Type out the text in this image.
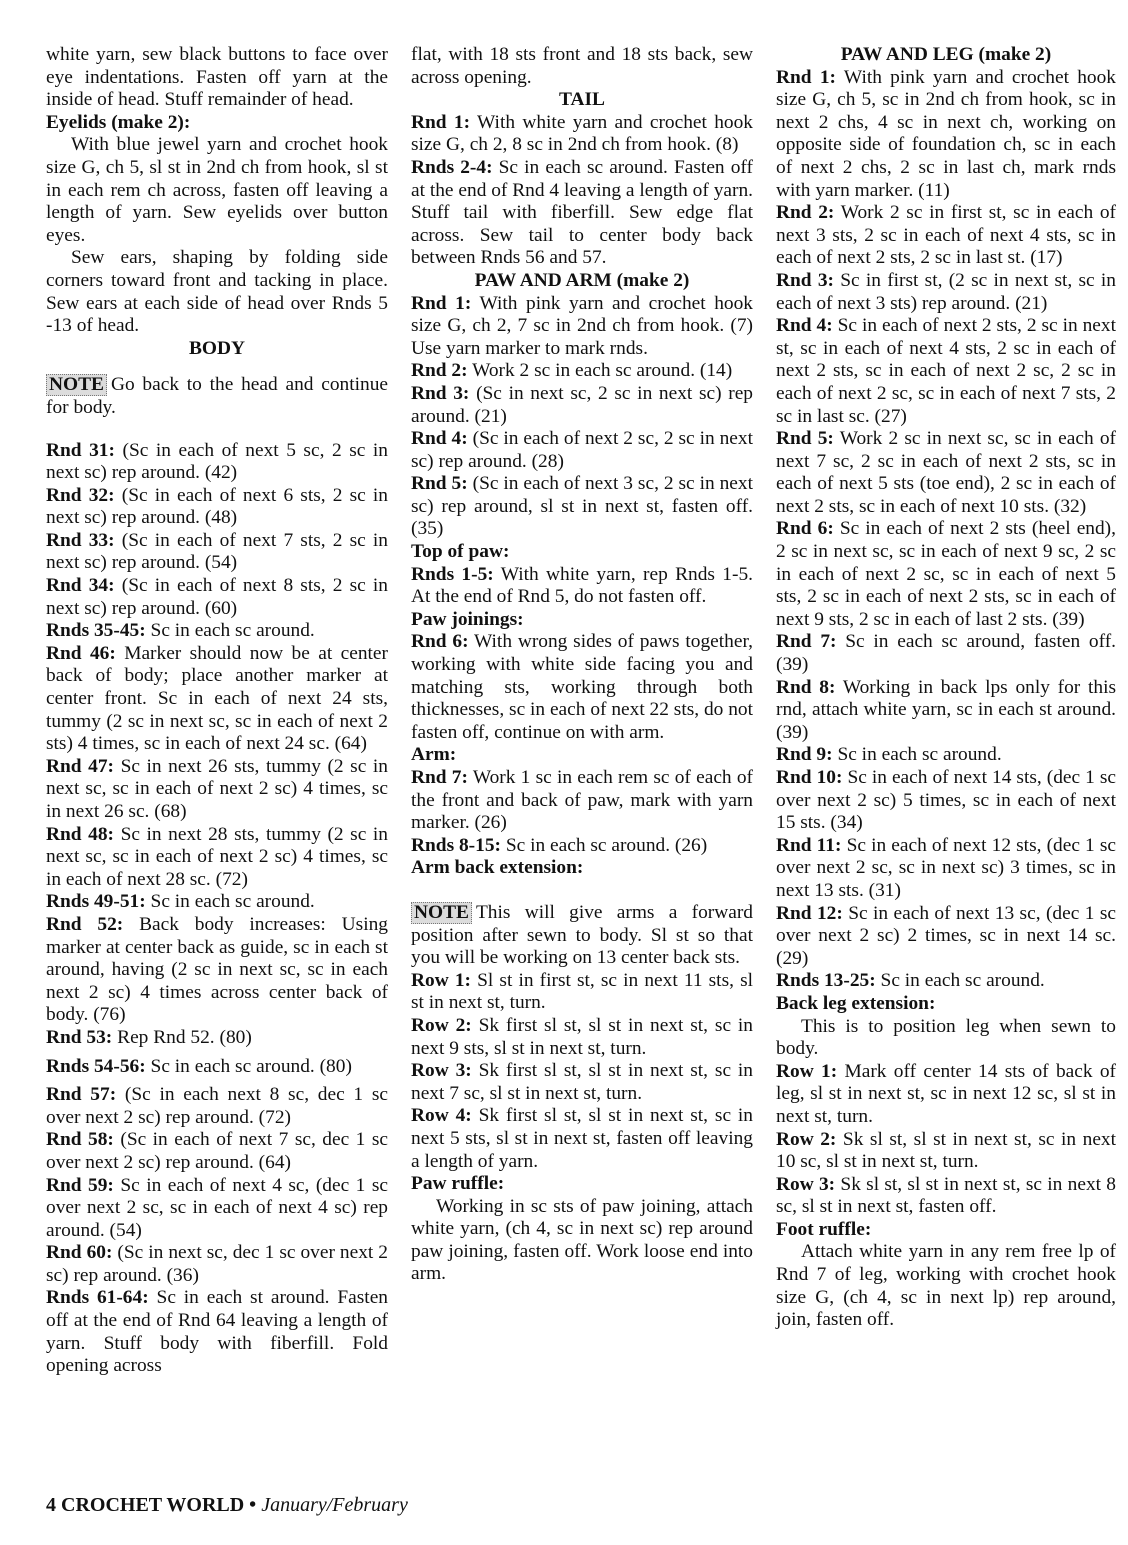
white yarn, sew black buttons to face over eye indentations. Fasten off yarn at the inside of head. Stuff remainder of head.

Eyelids (make 2):

With blue jewel yarn and crochet hook size G, ch 5, sl st in 2nd ch from hook, sl st in each rem ch across, fasten off leaving a length of yarn. Sew eyelids over button eyes.

Sew ears, shaping by folding side corners toward front and tacking in place. Sew ears at each side of head over Rnds 5 -13 of head.

BODY

NOTE Go back to the head and continue for body.

Rnd 31: (Sc in each of next 5 sc, 2 sc in next sc) rep around. (42)

Rnd 32: (Sc in each of next 6 sts, 2 sc in next sc) rep around. (48)

Rnd 33: (Sc in each of next 7 sts, 2 sc in next sc) rep around. (54)

Rnd 34: (Sc in each of next 8 sts, 2 sc in next sc) rep around. (60)

Rnds 35-45: Sc in each sc around.

Rnd 46: Marker should now be at center back of body; place another marker at center front. Sc in each of next 24 sts, tummy (2 sc in next sc, sc in each of next 2 sts) 4 times, sc in each of next 24 sc. (64)

Rnd 47: Sc in next 26 sts, tummy (2 sc in next sc, sc in each of next 2 sc) 4 times, sc in next 26 sc. (68)

Rnd 48: Sc in next 28 sts, tummy (2 sc in next sc, sc in each of next 2 sc) 4 times, sc in each of next 28 sc. (72)

Rnds 49-51: Sc in each sc around.

Rnd 52: Back body increases: Using marker at center back as guide, sc in each st around, having (2 sc in next sc, sc in each next 2 sc) 4 times across center back of body. (76)

Rnd 53: Rep Rnd 52. (80)

Rnds 54-56: Sc in each sc around. (80)

Rnd 57: (Sc in each next 8 sc, dec 1 sc over next 2 sc) rep around. (72)

Rnd 58: (Sc in each of next 7 sc, dec 1 sc over next 2 sc) rep around. (64)

Rnd 59: Sc in each of next 4 sc, (dec 1 sc over next 2 sc, sc in each of next 4 sc) rep around. (54)

Rnd 60: (Sc in next sc, dec 1 sc over next 2 sc) rep around. (36)

Rnds 61-64: Sc in each st around. Fasten off at the end of Rnd 64 leaving a length of yarn. Stuff body with fiberfill. Fold opening across

flat, with 18 sts front and 18 sts back, sew across opening.

TAIL

Rnd 1: With white yarn and crochet hook size G, ch 2, 8 sc in 2nd ch from hook. (8)

Rnds 2-4: Sc in each sc around. Fasten off at the end of Rnd 4 leaving a length of yarn. Stuff tail with fiberfill. Sew edge flat across. Sew tail to center body back between Rnds 56 and 57.

PAW AND ARM (make 2)

Rnd 1: With pink yarn and crochet hook size G, ch 2, 7 sc in 2nd ch from hook. (7) Use yarn marker to mark rnds.

Rnd 2: Work 2 sc in each sc around. (14)

Rnd 3: (Sc in next sc, 2 sc in next sc) rep around. (21)

Rnd 4: (Sc in each of next 2 sc, 2 sc in next sc) rep around. (28)

Rnd 5: (Sc in each of next 3 sc, 2 sc in next sc) rep around, sl st in next st, fasten off. (35)

Top of paw:

Rnds 1-5: With white yarn, rep Rnds 1-5. At the end of Rnd 5, do not fasten off.

Paw joinings:

Rnd 6: With wrong sides of paws together, working with white side facing you and matching sts, working through both thicknesses, sc in each of next 22 sts, do not fasten off, continue on with arm.

Arm:

Rnd 7: Work 1 sc in each rem sc of each of the front and back of paw, mark with yarn marker. (26)

Rnds 8-15: Sc in each sc around. (26)

Arm back extension:

NOTE This will give arms a forward position after sewn to body. Sl st so that you will be working on 13 center back sts.

Row 1: Sl st in first st, sc in next 11 sts, sl st in next st, turn.

Row 2: Sk first sl st, sl st in next st, sc in next 9 sts, sl st in next st, turn.

Row 3: Sk first sl st, sl st in next st, sc in next 7 sc, sl st in next st, turn.

Row 4: Sk first sl st, sl st in next st, sc in next 5 sts, sl st in next st, fasten off leaving a length of yarn.

Paw ruffle:

Working in sc sts of paw joining, attach white yarn, (ch 4, sc in next sc) rep around paw joining, fasten off. Work loose end into arm.

PAW AND LEG (make 2)

Rnd 1: With pink yarn and crochet hook size G, ch 5, sc in 2nd ch from hook, sc in next 2 chs, 4 sc in next ch, working on opposite side of foundation ch, sc in each of next 2 chs, 2 sc in last ch, mark rnds with yarn marker. (11)

Rnd 2: Work 2 sc in first st, sc in each of next 3 sts, 2 sc in each of next 4 sts, sc in each of next 2 sts, 2 sc in last st. (17)

Rnd 3: Sc in first st, (2 sc in next st, sc in each of next 3 sts) rep around. (21)

Rnd 4: Sc in each of next 2 sts, 2 sc in next st, sc in each of next 4 sts, 2 sc in each of next 2 sts, sc in each of next 2 sc, 2 sc in each of next 2 sc, sc in each of next 7 sts, 2 sc in last sc. (27)

Rnd 5: Work 2 sc in next sc, sc in each of next 7 sc, 2 sc in each of next 2 sts, sc in each of next 5 sts (toe end), 2 sc in each of next 2 sts, sc in each of next 10 sts. (32)

Rnd 6: Sc in each of next 2 sts (heel end), 2 sc in next sc, sc in each of next 9 sc, 2 sc in each of next 2 sc, sc in each of next 5 sts, 2 sc in each of next 2 sts, sc in each of next 9 sts, 2 sc in each of last 2 sts. (39)

Rnd 7: Sc in each sc around, fasten off. (39)

Rnd 8: Working in back lps only for this rnd, attach white yarn, sc in each st around. (39)

Rnd 9: Sc in each sc around.

Rnd 10: Sc in each of next 14 sts, (dec 1 sc over next 2 sc) 5 times, sc in each of next 15 sts. (34)

Rnd 11: Sc in each of next 12 sts, (dec 1 sc over next 2 sc, sc in next sc) 3 times, sc in next 13 sts. (31)

Rnd 12: Sc in each of next 13 sc, (dec 1 sc over next 2 sc) 2 times, sc in next 14 sc. (29)

Rnds 13-25: Sc in each sc around.

Back leg extension:

This is to position leg when sewn to body.

Row 1: Mark off center 14 sts of back of leg, sl st in next st, sc in next 12 sc, sl st in next st, turn.

Row 2: Sk sl st, sl st in next st, sc in next 10 sc, sl st in next st, turn.

Row 3: Sk sl st, sl st in next st, sc in next 8 sc, sl st in next st, fasten off.

Foot ruffle:

Attach white yarn in any rem free lp of Rnd 7 of leg, working with crochet hook size G, (ch 4, sc in next lp) rep around, join, fasten off.

4 CROCHET WORLD • January/February
